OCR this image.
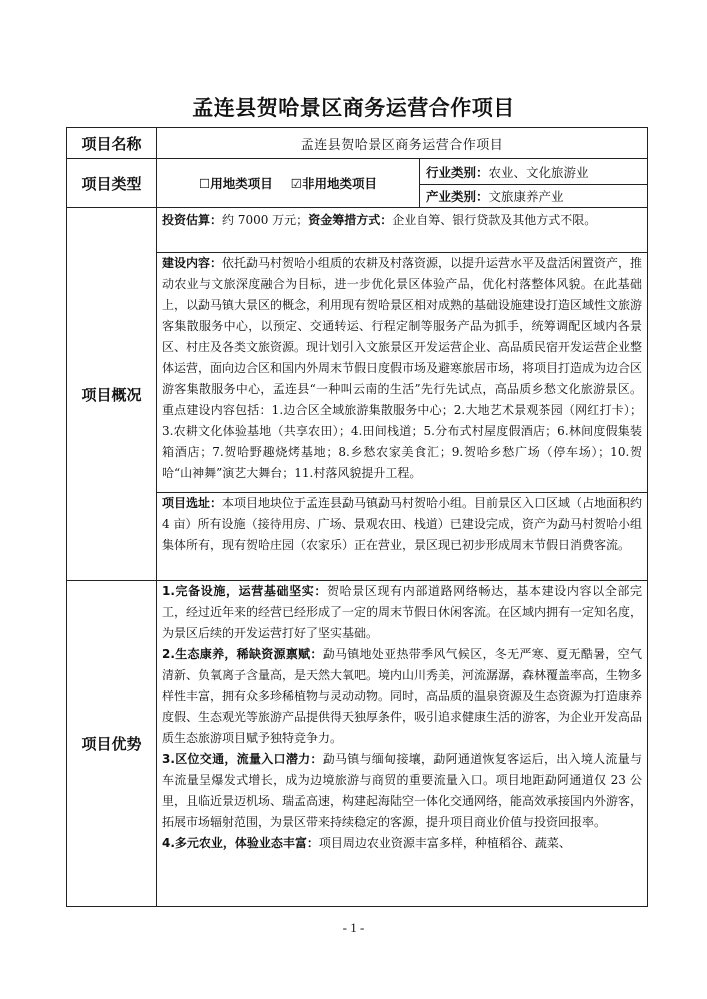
孟连县贺哈景区商务运营合作项目
项目名称	孟连县贺哈景区商务运营合作项目	
项目类型	☐用地类项目 ☑非用地类项目	行业类别：农业、文化旅游业
		产业类别：文旅康养产业
项目概况	投资估算：约 7000 万元；资金筹措方式：企业自筹、银行贷款及其他方式不限。	
	建设内容：依托勐马村贺哈小组质的农耕及村落资源，以提升运营水平及盘活闲置资产，推动农业与文旅深度融合为目标，进一步优化景区体验产品，优化村落整体风貌。在此基础上，以勐马镇大景区的概念，利用现有贺哈景区相对成熟的基础设施建设打造区域性文旅游客集散服务中心，以预定、交通转运、行程定制等服务产品为抓手，统筹调配区域内各景区、村庄及各类文旅资源。现计划引入文旅景区开发运营企业、高品质民宿开发运营企业整体运营，面向边合区和国内外周末节假日度假市场及避寒旅居市场，将项目打造成为边合区游客集散服务中心，孟连县“一种叫云南的生活”先行先试点，高品质乡愁文化旅游景区。重点建设内容包括：1.边合区全域旅游集散服务中心；2.大地艺术景观茶园（网红打卡）；3.农耕文化体验基地（共享农田）；4.田间栈道；5.分布式村屋度假酒店；6.林间度假集装箱酒店；7.贺哈野趣烧烤基地；8.乡愁农家美食汇；9.贺哈乡愁广场（停车场）；10.贺哈“山神舞”演艺大舞台；11.村落风貌提升工程。	
	项目选址：本项目地块位于孟连县勐马镇勐马村贺哈小组。目前景区入口区域（占地面积约 4 亩）所有设施（接待用房、广场、景观农田、栈道）已建设完成，资产为勐马村贺哈小组集体所有，现有贺哈庄园（农家乐）正在营业，景区现已初步形成周末节假日消费客流。	
项目优势	1.完备设施，运营基础坚实：贺哈景区现有内部道路网络畅达，基本建设内容以全部完工，经过近年来的经营已经形成了一定的周末节假日休闲客流。在区域内拥有一定知名度，为景区后续的开发运营打好了坚实基础。

2.生态康养，稀缺资源禀赋：勐马镇地处亚热带季风气候区，冬无严寒、夏无酷暑，空气清新、负氧离子含量高，是天然大氧吧。境内山川秀美，河流潺潺，森林覆盖率高，生物多样性丰富，拥有众多珍稀植物与灵动动物。同时，高品质的温泉资源及生态资源为打造康养度假、生态观光等旅游产品提供得天独厚条件，吸引追求健康生活的游客，为企业开发高品质生态旅游项目赋予独特竞争力。

3.区位交通，流量入口潜力：勐马镇与缅甸接壤，勐阿通道恢复客运后，出入境人流量与车流量呈爆发式增长，成为边境旅游与商贸的重要流量入口。项目地距勐阿通道仅 23 公里，且临近景迈机场、瑞孟高速，构建起海陆空一体化交通网络，能高效承接国内外游客，拓展市场辐射范围，为景区带来持续稳定的客源，提升项目商业价值与投资回报率。

4.多元农业，体验业态丰富：项目周边农业资源丰富多样，种植稻谷、蔬菜、	

- 1 -
